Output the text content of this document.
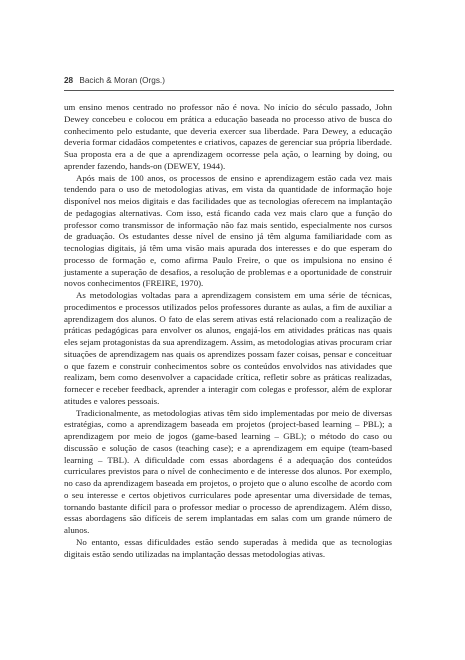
28 Bacich & Moran (Orgs.)

um ensino menos centrado no professor não é nova. No início do século passado, John Dewey concebeu e colocou em prática a educação baseada no processo ativo de busca do conhecimento pelo estudante, que deveria exercer sua liberdade. Para Dewey, a educação deveria formar cidadãos competentes e criativos, capazes de gerenciar sua própria liberdade. Sua proposta era a de que a aprendizagem ocorresse pela ação, o learning by doing, ou aprender fazendo, hands-on (DEWEY, 1944).

Após mais de 100 anos, os processos de ensino e aprendizagem estão cada vez mais tendendo para o uso de metodologias ativas, em vista da quantidade de informação hoje disponível nos meios digitais e das facilidades que as tecnologias oferecem na implantação de pedagogias alternativas. Com isso, está ficando cada vez mais claro que a função do professor como transmissor de informação não faz mais sentido, especialmente nos cursos de graduação. Os estudantes desse nível de ensino já têm alguma familiaridade com as tecnologias digitais, já têm uma visão mais apurada dos interesses e do que esperam do processo de formação e, como afirma Paulo Freire, o que os impulsiona no ensino é justamente a superação de desafios, a resolução de problemas e a oportunidade de construir novos conhecimentos (FREIRE, 1970).

As metodologias voltadas para a aprendizagem consistem em uma série de técnicas, procedimentos e processos utilizados pelos professores durante as aulas, a fim de auxiliar a aprendizagem dos alunos. O fato de elas serem ativas está relacionado com a realização de práticas pedagógicas para envolver os alunos, engajá-los em atividades práticas nas quais eles sejam protagonistas da sua aprendizagem. Assim, as metodologias ativas procuram criar situações de aprendizagem nas quais os aprendizes possam fazer coisas, pensar e conceituar o que fazem e construir conhecimentos sobre os conteúdos envolvidos nas atividades que realizam, bem como desenvolver a capacidade crítica, refletir sobre as práticas realizadas, fornecer e receber feedback, aprender a interagir com colegas e professor, além de explorar atitudes e valores pessoais.

Tradicionalmente, as metodologias ativas têm sido implementadas por meio de diversas estratégias, como a aprendizagem baseada em projetos (project-based learning – PBL); a aprendizagem por meio de jogos (game-based learning – GBL); o método do caso ou discussão e solução de casos (teaching case); e a aprendizagem em equipe (team-based learning – TBL). A dificuldade com essas abordagens é a adequação dos conteúdos curriculares previstos para o nível de conhecimento e de interesse dos alunos. Por exemplo, no caso da aprendizagem baseada em projetos, o projeto que o aluno escolhe de acordo com o seu interesse e certos objetivos curriculares pode apresentar uma diversidade de temas, tornando bastante difícil para o professor mediar o processo de aprendizagem. Além disso, essas abordagens são difíceis de serem implantadas em salas com um grande número de alunos.

No entanto, essas dificuldades estão sendo superadas à medida que as tecnologias digitais estão sendo utilizadas na implantação dessas metodologias ativas.
